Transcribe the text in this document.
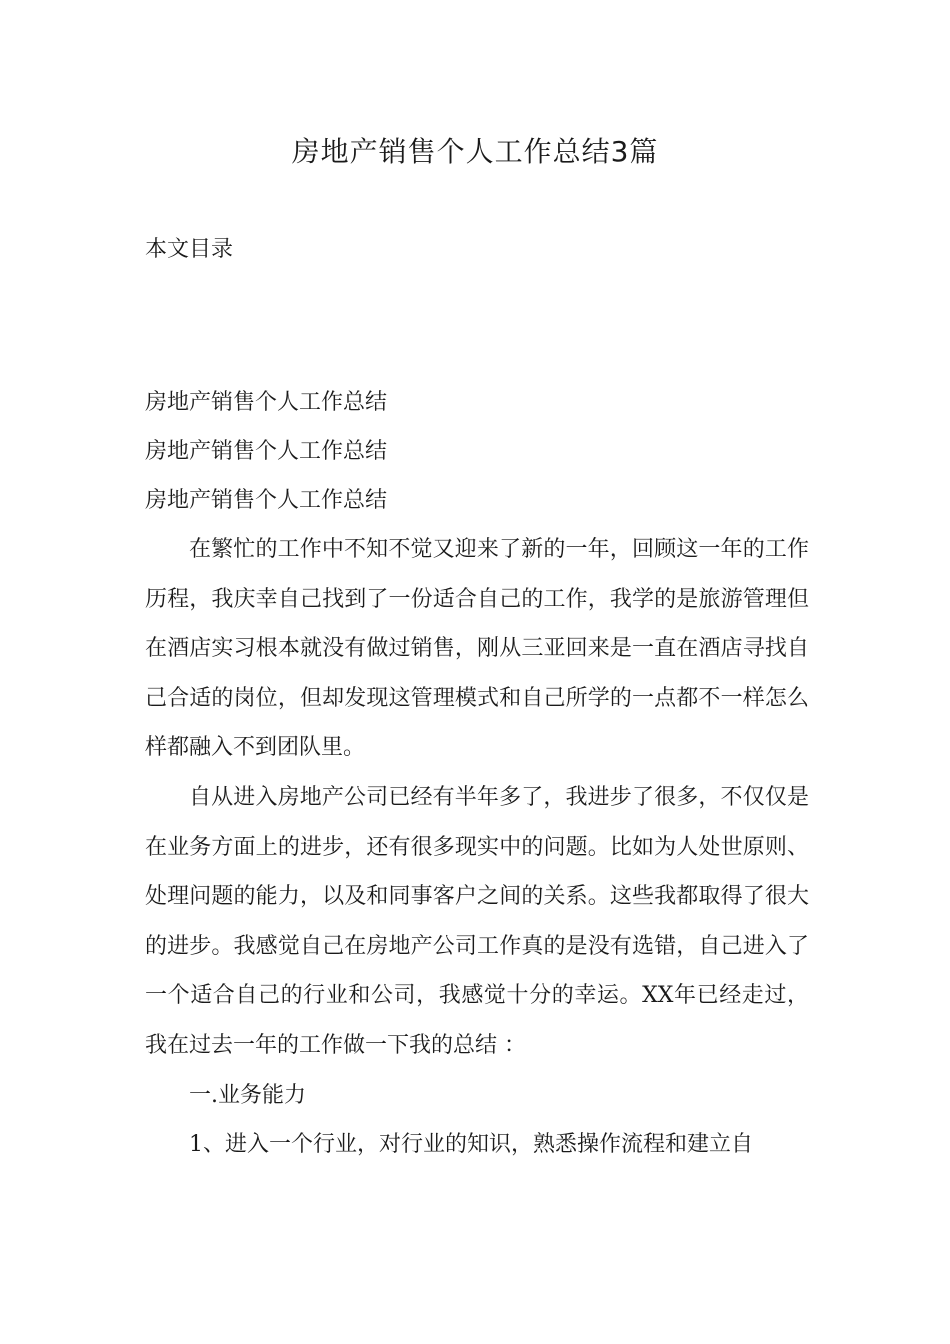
房地产销售个人工作总结3篇
本文目录
房地产销售个人工作总结
房地产销售个人工作总结
房地产销售个人工作总结

在繁忙的工作中不知不觉又迎来了新的一年，回顾这一年的工作历程，我庆幸自己找到了一份适合自己的工作，我学的是旅游管理但在酒店实习根本就没有做过销售，刚从三亚回来是一直在酒店寻找自己合适的岗位，但却发现这管理模式和自己所学的一点都不一样怎么样都融入不到团队里。

自从进入房地产公司已经有半年多了，我进步了很多，不仅仅是在业务方面上的进步，还有很多现实中的问题。比如为人处世原则、处理问题的能力，以及和同事客户之间的关系。这些我都取得了很大的进步。我感觉自己在房地产公司工作真的是没有选错，自己进入了一个适合自己的行业和公司，我感觉十分的幸运。XX年已经走过，我在过去一年的工作做一下我的总结 ：

一.业务能力

1、进入一个行业，对行业的知识，熟悉操作流程和建立自
